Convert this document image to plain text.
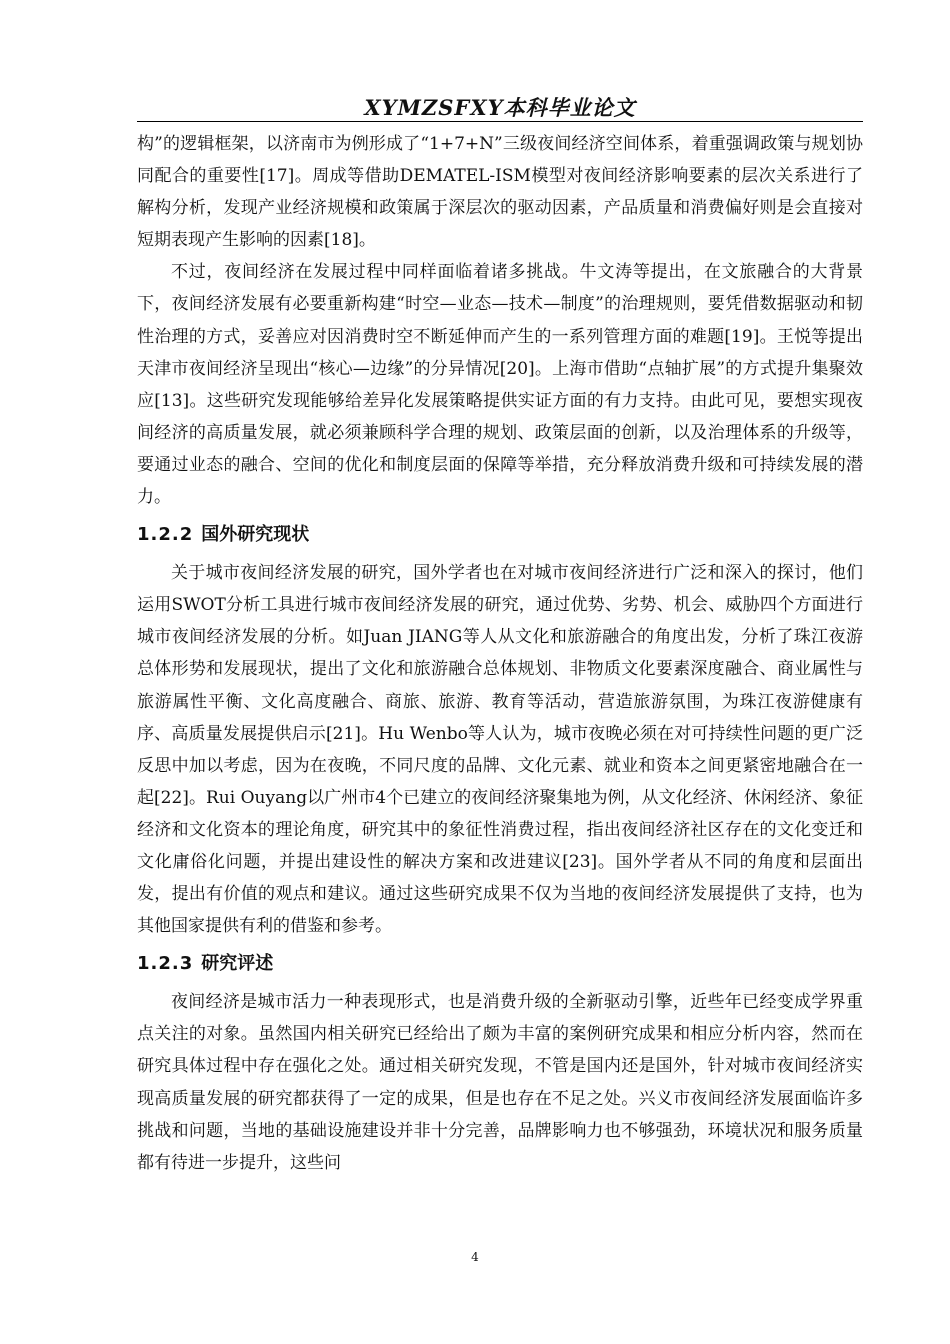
XYMZSFXY本科毕业论文

构”的逻辑框架，以济南市为例形成了“1+7+N”三级夜间经济空间体系，着重强调政策与规划协同配合的重要性[17]。周成等借助DEMATEL-ISM模型对夜间经济影响要素的层次关系进行了解构分析，发现产业经济规模和政策属于深层次的驱动因素，产品质量和消费偏好则是会直接对短期表现产生影响的因素[18]。

不过，夜间经济在发展过程中同样面临着诸多挑战。牛文涛等提出，在文旅融合的大背景下，夜间经济发展有必要重新构建“时空—业态—技术—制度”的治理规则，要凭借数据驱动和韧性治理的方式，妥善应对因消费时空不断延伸而产生的一系列管理方面的难题[19]。王悦等提出天津市夜间经济呈现出“核心—边缘”的分异情况[20]。上海市借助“点轴扩展”的方式提升集聚效应[13]。这些研究发现能够给差异化发展策略提供实证方面的有力支持。由此可见，要想实现夜间经济的高质量发展，就必须兼顾科学合理的规划、政策层面的创新，以及治理体系的升级等，要通过业态的融合、空间的优化和制度层面的保障等举措，充分释放消费升级和可持续发展的潜力。

1.2.2 国外研究现状

关于城市夜间经济发展的研究，国外学者也在对城市夜间经济进行广泛和深入的探讨，他们运用SWOT分析工具进行城市夜间经济发展的研究，通过优势、劣势、机会、威胁四个方面进行城市夜间经济发展的分析。如Juan JIANG等人从文化和旅游融合的角度出发，分析了珠江夜游总体形势和发展现状，提出了文化和旅游融合总体规划、非物质文化要素深度融合、商业属性与旅游属性平衡、文化高度融合、商旅、旅游、教育等活动，营造旅游氛围，为珠江夜游健康有序、高质量发展提供启示[21]。Hu Wenbo等人认为，城市夜晚必须在对可持续性问题的更广泛反思中加以考虑，因为在夜晚，不同尺度的品牌、文化元素、就业和资本之间更紧密地融合在一起[22]。Rui Ouyang以广州市4个已建立的夜间经济聚集地为例，从文化经济、休闲经济、象征经济和文化资本的理论角度，研究其中的象征性消费过程，指出夜间经济社区存在的文化变迁和文化庸俗化问题，并提出建设性的解决方案和改进建议[23]。国外学者从不同的角度和层面出发，提出有价值的观点和建议。通过这些研究成果不仅为当地的夜间经济发展提供了支持，也为其他国家提供有利的借鉴和参考。

1.2.3 研究评述

夜间经济是城市活力一种表现形式，也是消费升级的全新驱动引擎，近些年已经变成学界重点关注的对象。虽然国内相关研究已经给出了颇为丰富的案例研究成果和相应分析内容，然而在研究具体过程中存在强化之处。通过相关研究发现，不管是国内还是国外，针对城市夜间经济实现高质量发展的研究都获得了一定的成果，但是也存在不足之处。兴义市夜间经济发展面临许多挑战和问题，当地的基础设施建设并非十分完善，品牌影响力也不够强劲，环境状况和服务质量都有待进一步提升，这些问

4
